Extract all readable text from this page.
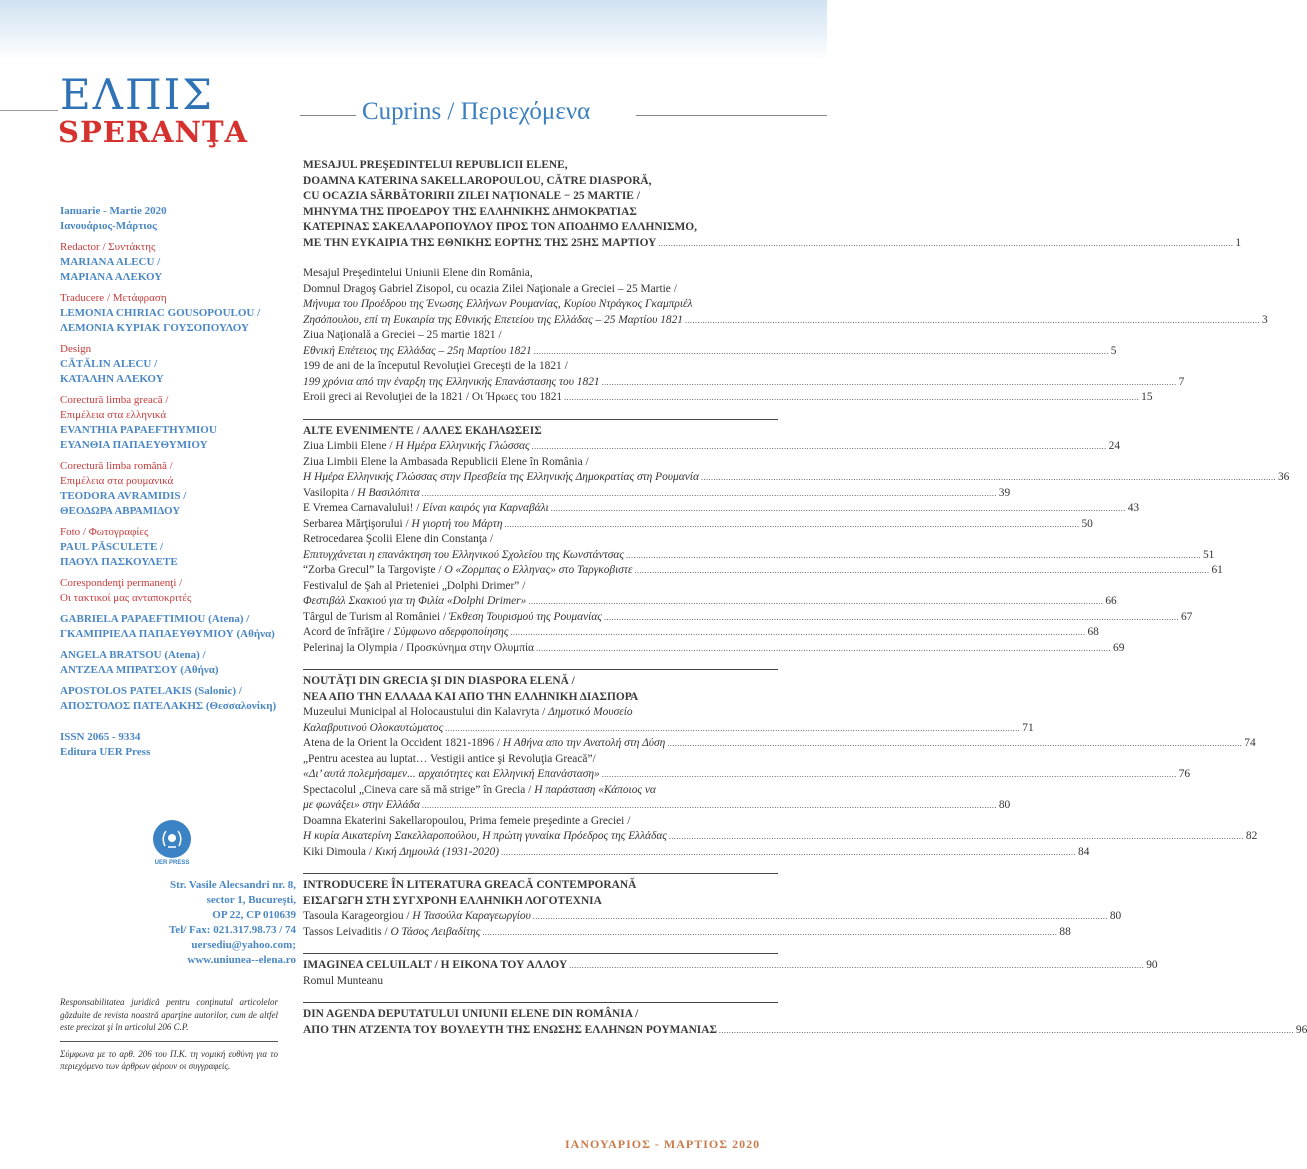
ΕΛΠΙΣ
SPERANŢA
Ianuarie - Martie 2020
Ιανουάριος-Μάρτιος
Redactor / Συντάκτης
MARIANA ALECU /
ΜΑΡΙΑΝΑ ΑΛΕΚΟΥ
Traducere / Μετάφραση
LEMONIA CHIRIAC GOUSOPOULOU /
ΛΕΜΟΝΙΑ ΚΥΡΙΑΚ ΓΟΥΣΟΠΟΥΛΟΥ
Design
CĂTĂLIN ALECU /
ΚΑΤΑΛΗΝ ΑΛΕΚΟΥ
Corectură limba greacă /
Επιμέλεια στα ελληνικά
EVANTHIA PAPAEFTHYMIOU
ΕΥΑΝΘΙΑ ΠΑΠΑΕΥΘΥΜΙΟΥ
Corectură limba română /
Επιμέλεια στα ρουμανικά
TEODORA AVRAMIDIS /
ΘΕΟΔΩΡΑ ΑΒΡΑΜΙΔΟΥ
Foto / Φωτογραφίες
PAUL PĂSCULETE /
ΠΑΟΥΛ ΠΑΣΚΟΥΛΕΤΕ
Corespondenţi permanenţi /
Οι τακτικοί μας ανταποκριτές
GABRIELA PAPAEFTIMIOU (Atena) /
ΓΚΑΜΠΡΙΕΛΑ ΠΑΠΑΕΥΘΥΜΙΟΥ (Αθήνα)
ANGELA BRATSOU (Atena) /
ΑΝΤΖΕΛΑ ΜΠΡΑΤΣΟΥ (Αθήνα)
APOSTOLOS PATELAKIS (Salonic) /
ΑΠΟΣΤΟΛΟΣ ΠΑΤΕΛΑΚΗΣ (Θεσσαλονίκη)
ISSN 2065 - 9334
Editura UER Press
UER PRESS
Str. Vasile Alecsandri nr. 8,
sector 1, Bucureşti,
OP 22, CP 010639
Tel/ Fax: 021.317.98.73 / 74
uersediu@yahoo.com;
www.uniunea--elena.ro

Responsabilitatea juridică pentru conţinutul articolelor găzduite de revista noastră aparţine autorilor, cum de altfel este precizat şi în articolul 206 C.P.

Σύμφωνα με το αρθ. 206 του Π.Κ. τη νομική ευθύνη για το περιεχόμενο των άρθρων φέρουν οι συγγραφείς.

Cuprins / Περιεχόμενα
MESAJUL PREŞEDINTELUI REPUBLICII ELENE,
DOAMNA KATERINA SAKELLAROPOULOU, CĂTRE DIASPORĂ,
CU OCAZIA SĂRBĂTORIRII ZILEI NAŢIONALE − 25 MARTIE /
ΜΗΝΥΜΑ ΤΗΣ ΠΡΟΕΔΡΟΥ ΤΗΣ ΕΛΛΗΝΙΚΗΣ ΔΗΜΟΚΡΑΤΙΑΣ
ΚΑΤΕΡΙΝΑΣ ΣΑΚΕΛΛΑΡΟΠΟΥΛΟΥ ΠΡΟΣ ΤΟΝ ΑΠΟΔΗΜΟ ΕΛΛΗΝΙΣΜΟ,
ΜΕ ΤΗΝ ΕΥΚΑΙΡΙΑ ΤΗΣ ΕΘΝΙΚΗΣ ΕΟΡΤΗΣ ΤΗΣ 25ΗΣ ΜΑΡΤΙΟΥ .....	1
Mesajul Preşedintelui Uniunii Elene din România,
Domnul Dragoş Gabriel Zisopol, cu ocazia Zilei Naţionale a Greciei – 25 Martie /
Μήνυμα του Προέδρου της Ένωσης Ελλήνων Ρουμανίας, Κυρίου Ντράγκος Γκαμπριέλ
Ζησόπουλου, επί τη Ευκαιρία της Εθνικής Επετείου της Ελλάδας – 25 Μαρτίου 1821 .....	3
Ziua Naţională a Greciei – 25 martie 1821 /
Εθνική Επέτειος της Ελλάδας – 25η Μαρτίου 1821 .....	5
199 de ani de la începutul Revoluţiei Greceşti de la 1821 /
199 χρόνια από την έναρξη της Ελληνικής Επανάστασης του 1821 .....	7
Eroii greci ai Revoluţiei de la 1821 / Οι Ήρωες του 1821 .....	15
ALTE EVENIMENTE / ΑΛΛΕΣ ΕΚΔΗΛΩΣΕΙΣ
Ziua Limbii Elene / Η Ημέρα Ελληνικής Γλώσσας .....	24
Ziua Limbii Elene la Ambasada Republicii Elene în România /
Η Ημέρα Ελληνικής Γλώσσας στην Πρεσβεία της Ελληνικής Δημοκρατίας στη Ρουμανία .....	36
Vasilopita / Η Βασιλόπιτα .....	39
E Vremea Carnavalului! / Είναι καιρός για Καρναβάλι .....	43
Serbarea Mărţişorului / Η γιορτή του Μάρτη .....	50
Retrocedarea Şcolii Elene din Constanţa /
Επιτυγχάνεται η επανάκτηση του Ελληνικού Σχολείου της Κωνστάντσας .....	51
“Zorba Grecul” la Targovişte / Ο «Ζορμπας ο Ελληνας» στο Ταργκοβιστε .....	61
Festivalul de Şah al Prieteniei „Dolphi Drimer” /
Φεστιβάλ Σκακιού για τη Φιλία «Dolphi Drimer» .....	66
Târgul de Turism al României / Έκθεση Τουρισμού της Ρουμανίας .....	67
Acord de înfrăţire / Σύμφωνο αδερφοποίησης .....	68
Pelerinaj la Olympia / Προσκύνημα στην Ολυμπία .....	69
NOUTĂŢI DIN GRECIA ŞI DIN DIASPORA ELENĂ /
ΝΕΑ ΑΠΟ ΤΗΝ ΕΛΛΑΔΑ ΚΑΙ ΑΠΟ ΤΗΝ ΕΛΛΗΝΙΚΗ ΔΙΑΣΠΟΡΑ
Muzeului Municipal al Holocaustului din Kalavryta / Δημοτικό Μουσείο
Καλαβρυτινού Ολοκαυτώματος .....	71
Atena de la Orient la Occident 1821-1896 / Η Αθήνα απο την Ανατολή στη Δύση .....	74
„Pentru acestea au luptat… Vestigii antice şi Revoluţia Greacă”/
«Δι’ αυτά πολεμήσαμεν... αρχαιότητες και Ελληνική Επανάσταση» .....	76
Spectacolul „Cineva care să mă strige” în Grecia / Η παράσταση «Κάποιος να
με φωνάξει» στην Ελλάδα .....	80
Doamna Ekaterini Sakellaropoulou, Prima femeie preşedinte a Greciei /
Η κυρία Αικατερίνη Σακελλαροπούλου, Η πρώτη γυναίκα Πρόεδρος της Ελλάδας .....	82
Kiki Dimoula / Κική Δημουλά (1931-2020) .....	84
INTRODUCERE ÎN LITERATURA GREACĂ CONTEMPORANĂ
ΕΙΣΑΓΩΓΗ ΣΤΗ ΣΥΓΧΡΟΝΗ ΕΛΛΗΝΙΚΗ ΛΟΓΟΤΕΧΝΙΑ
Tasoula Karageorgiou / Η Τασούλα Καραγεωργίου .....	80
Tassos Leivaditis / Ο Τάσος Λειβαδίτης .....	88
IMAGINEA CELUILALT / Η ΕΙΚΟΝΑ ΤΟΥ ΑΛΛΟΥ .....	90
Romul Munteanu
DIN AGENDA DEPUTATULUI UNIUNII ELENE DIN ROMÂNIA /
ΑΠΟ ΤΗΝ ΑΤΖΕΝΤΑ ΤΟΥ ΒΟΥΛΕΥΤΗ ΤΗΣ ΕΝΩΣΗΣ ΕΛΛΗΝΩΝ ΡΟΥΜΑΝΙΑΣ .....	96
ΙΑΝΟΥΑΡΙΟΣ - ΜΑΡΤΙΟΣ 2020
